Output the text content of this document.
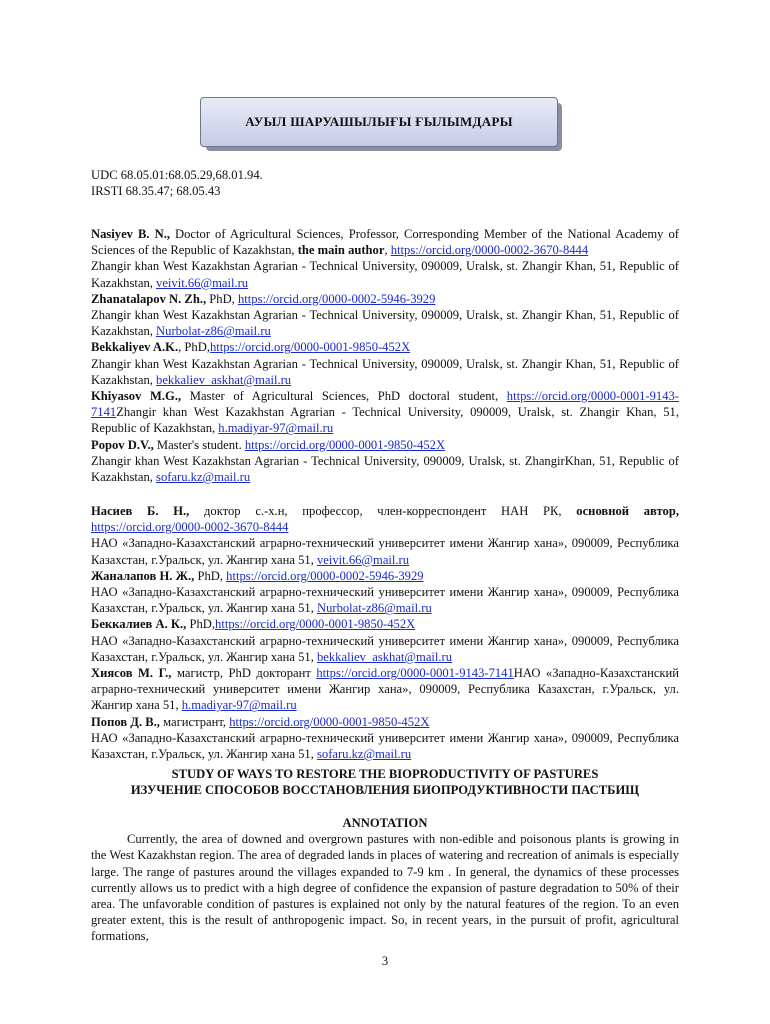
АУЫЛ ШАРУАШЫЛЫҒЫ ҒЫЛЫМДАРЫ

UDC 68.05.01:68.05.29,68.01.94.

IRSTI 68.35.47; 68.05.43

Nasiyev B. N., Doctor of Agricultural Sciences, Professor, Corresponding Member of the National Academy of Sciences of the Republic of Kazakhstan, the main author, https://orcid.org/0000-0002-3670-8444

Zhangir khan West Kazakhstan Agrarian - Technical University, 090009, Uralsk, st. Zhangir Khan, 51, Republic of Kazakhstan, veivit.66@mail.ru

Zhanatalapov N. Zh., PhD, https://orcid.org/0000-0002-5946-3929

Zhangir khan West Kazakhstan Agrarian - Technical University, 090009, Uralsk, st. Zhangir Khan, 51, Republic of Kazakhstan, Nurbolat-z86@mail.ru

Bekkaliyev A.K., PhD,https://orcid.org/0000-0001-9850-452X

Zhangir khan West Kazakhstan Agrarian - Technical University, 090009, Uralsk, st. Zhangir Khan, 51, Republic of Kazakhstan, bekkaliev_askhat@mail.ru

Khiyasov M.G., Master of Agricultural Sciences, PhD doctoral student, https://orcid.org/0000-0001-9143-7141Zhangir khan West Kazakhstan Agrarian - Technical University, 090009, Uralsk, st. Zhangir Khan, 51, Republic of Kazakhstan, h.madiyar-97@mail.ru

Popov D.V., Master's student. https://orcid.org/0000-0001-9850-452X

Zhangir khan West Kazakhstan Agrarian - Technical University, 090009, Uralsk, st. ZhangirKhan, 51, Republic of Kazakhstan, sofaru.kz@mail.ru

Насиев Б. Н., доктор с.-х.н, профессор, член-корреспондент НАН РК, основной автор, https://orcid.org/0000-0002-3670-8444

НАО «Западно-Казахстанский аграрно-технический университет имени Жангир хана», 090009, Республика Казахстан, г.Уральск, ул. Жангир хана 51, veivit.66@mail.ru

Жаналапов Н. Ж., PhD, https://orcid.org/0000-0002-5946-3929

НАО «Западно-Казахстанский аграрно-технический университет имени Жангир хана», 090009, Республика Казахстан, г.Уральск, ул. Жангир хана 51, Nurbolat-z86@mail.ru

Беккалиев А. К., PhD,https://orcid.org/0000-0001-9850-452X

НАО «Западно-Казахстанский аграрно-технический университет имени Жангир хана», 090009, Республика Казахстан, г.Уральск, ул. Жангир хана 51, bekkaliev_askhat@mail.ru

Хиясов М. Г., магистр, PhD докторант https://orcid.org/0000-0001-9143-7141НАО «Западно-Казахстанский аграрно-технический университет имени Жангир хана», 090009, Республика Казахстан, г.Уральск, ул. Жангир хана 51, h.madiyar-97@mail.ru

Попов Д. В., магистрант, https://orcid.org/0000-0001-9850-452X

НАО «Западно-Казахстанский аграрно-технический университет имени Жангир хана», 090009, Республика Казахстан, г.Уральск, ул. Жангир хана 51, sofaru.kz@mail.ru

STUDY OF WAYS TO RESTORE THE BIOPRODUCTIVITY OF PASTURES

ИЗУЧЕНИЕ СПОСОБОВ ВОССТАНОВЛЕНИЯ БИОПРОДУКТИВНОСТИ ПАСТБИЩ

ANNOTATION

Currently, the area of downed and overgrown pastures with non-edible and poisonous plants is growing in the West Kazakhstan region. The area of degraded lands in places of watering and recreation of animals is especially large. The range of pastures around the villages expanded to 7-9 km . In general, the dynamics of these processes currently allows us to predict with a high degree of confidence the expansion of pasture degradation to 50% of their area. The unfavorable condition of pastures is explained not only by the natural features of the region. To an even greater extent, this is the result of anthropogenic impact. So, in recent years, in the pursuit of profit, agricultural formations,

3
